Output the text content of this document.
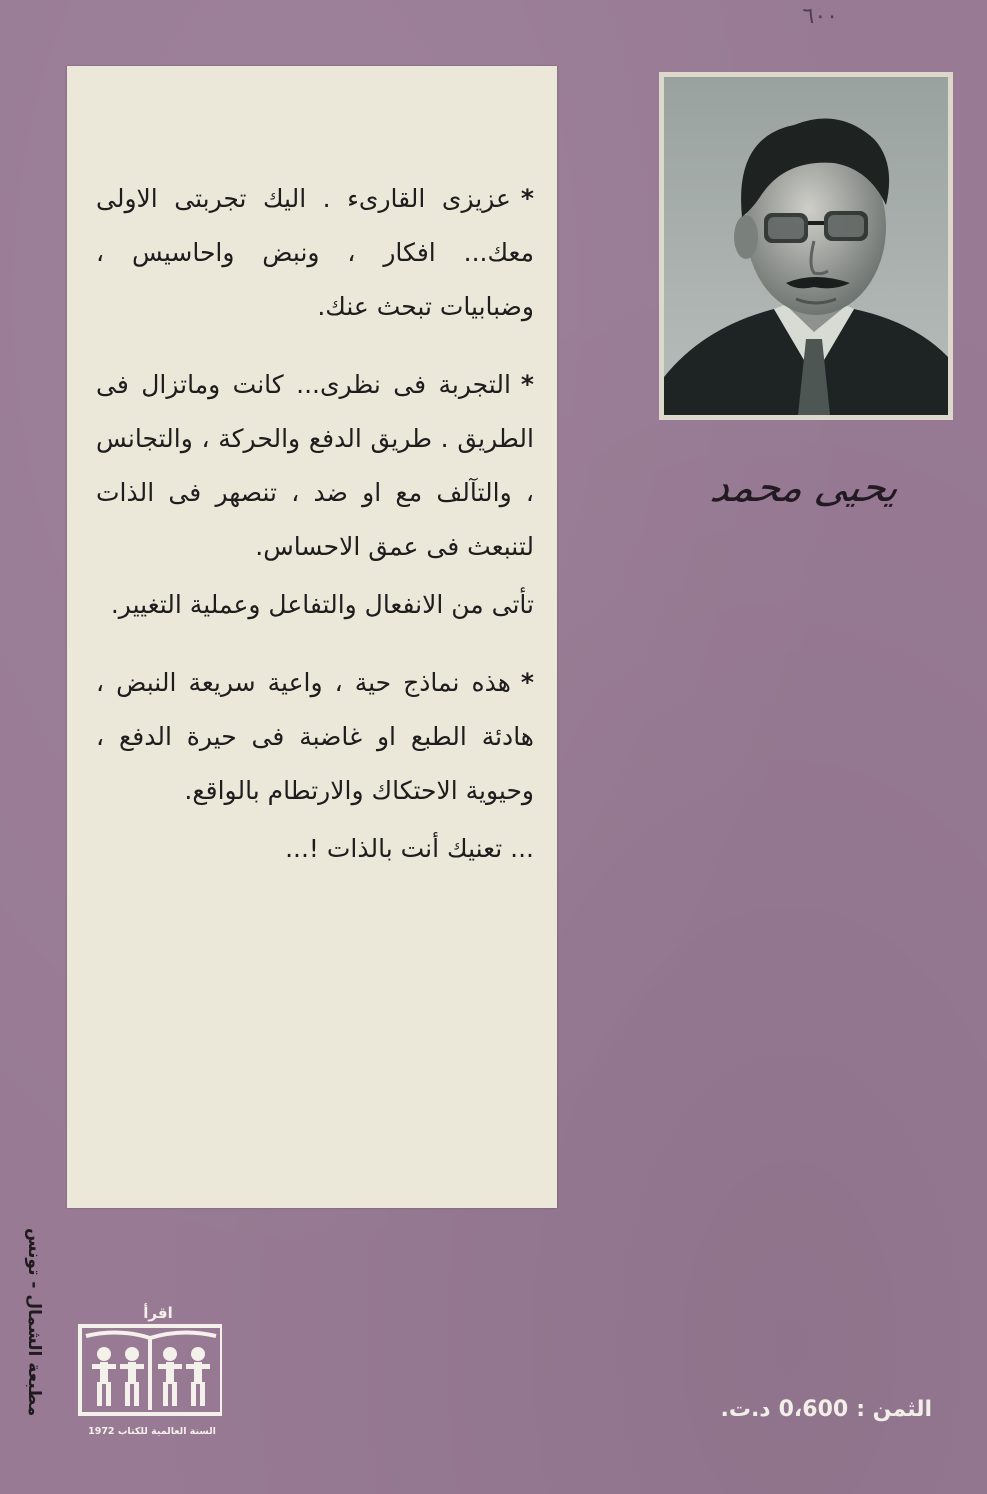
٦٠٠

*عزيزى القارىء . اليك تجربتى الاولى معك... افكار ، ونبض واحاسيس ، وضبابيات تبحث عنك.

*التجربة فى نظرى... كانت وماتزال فى الطريق . طريق الدفع والحركة ، والتجانس ، والتآلف مع او ضد ، تنصهر فى الذات لتنبعث فى عمق الاحساس.

تأتى من الانفعال والتفاعل وعملية التغيير.

*هذه نماذج حية ، واعية سريعة النبض ، هادئة الطبع او غاضبة فى حيرة الدفع ، وحيوية الاحتكاك والارتطام بالواقع.

... تعنيك أنت بالذات !...

يحيى محمد
مطبعة الشمال - تونس	اقرأ
السنة العالمية للكتاب 1972
الثمن :0،600د.ت.
